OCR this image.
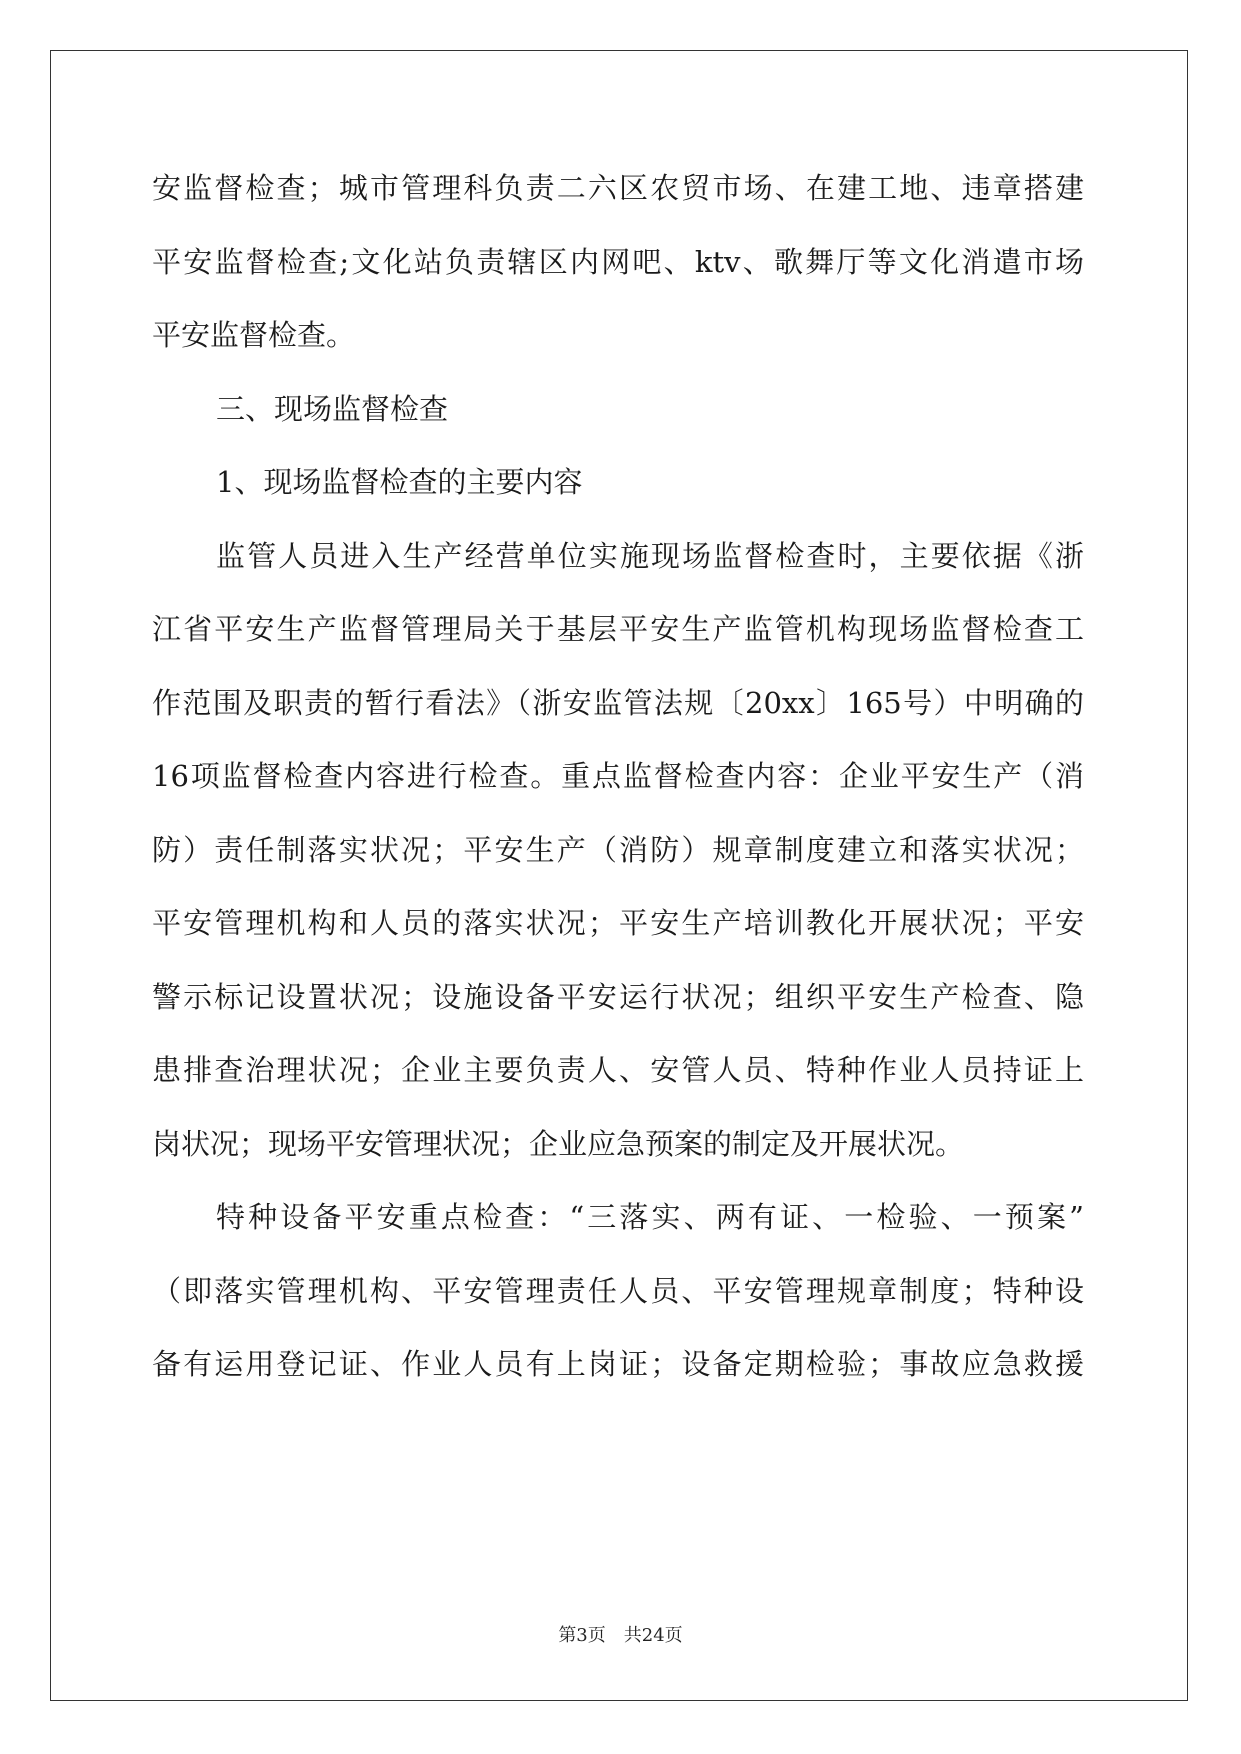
安监督检查；城市管理科负责二六区农贸市场、在建工地、违章搭建
平安监督检查;文化站负责辖区内网吧、ktv、歌舞厅等文化消遣市场
平安监督检查。
三、现场监督检查
1、现场监督检查的主要内容
监管人员进入生产经营单位实施现场监督检查时，主要依据《浙
江省平安生产监督管理局关于基层平安生产监管机构现场监督检查工
作范围及职责的暂行看法》（浙安监管法规〔20xx〕165号）中明确的
16项监督检查内容进行检查。重点监督检查内容：企业平安生产（消
防）责任制落实状况；平安生产（消防）规章制度建立和落实状况；
平安管理机构和人员的落实状况；平安生产培训教化开展状况；平安
警示标记设置状况；设施设备平安运行状况；组织平安生产检查、隐
患排查治理状况；企业主要负责人、安管人员、特种作业人员持证上
岗状况；现场平安管理状况；企业应急预案的制定及开展状况。
特种设备平安重点检查：“三落实、两有证、一检验、一预案”
（即落实管理机构、平安管理责任人员、平安管理规章制度；特种设
备有运用登记证、作业人员有上岗证；设备定期检验；事故应急救援
第3页 共24页
